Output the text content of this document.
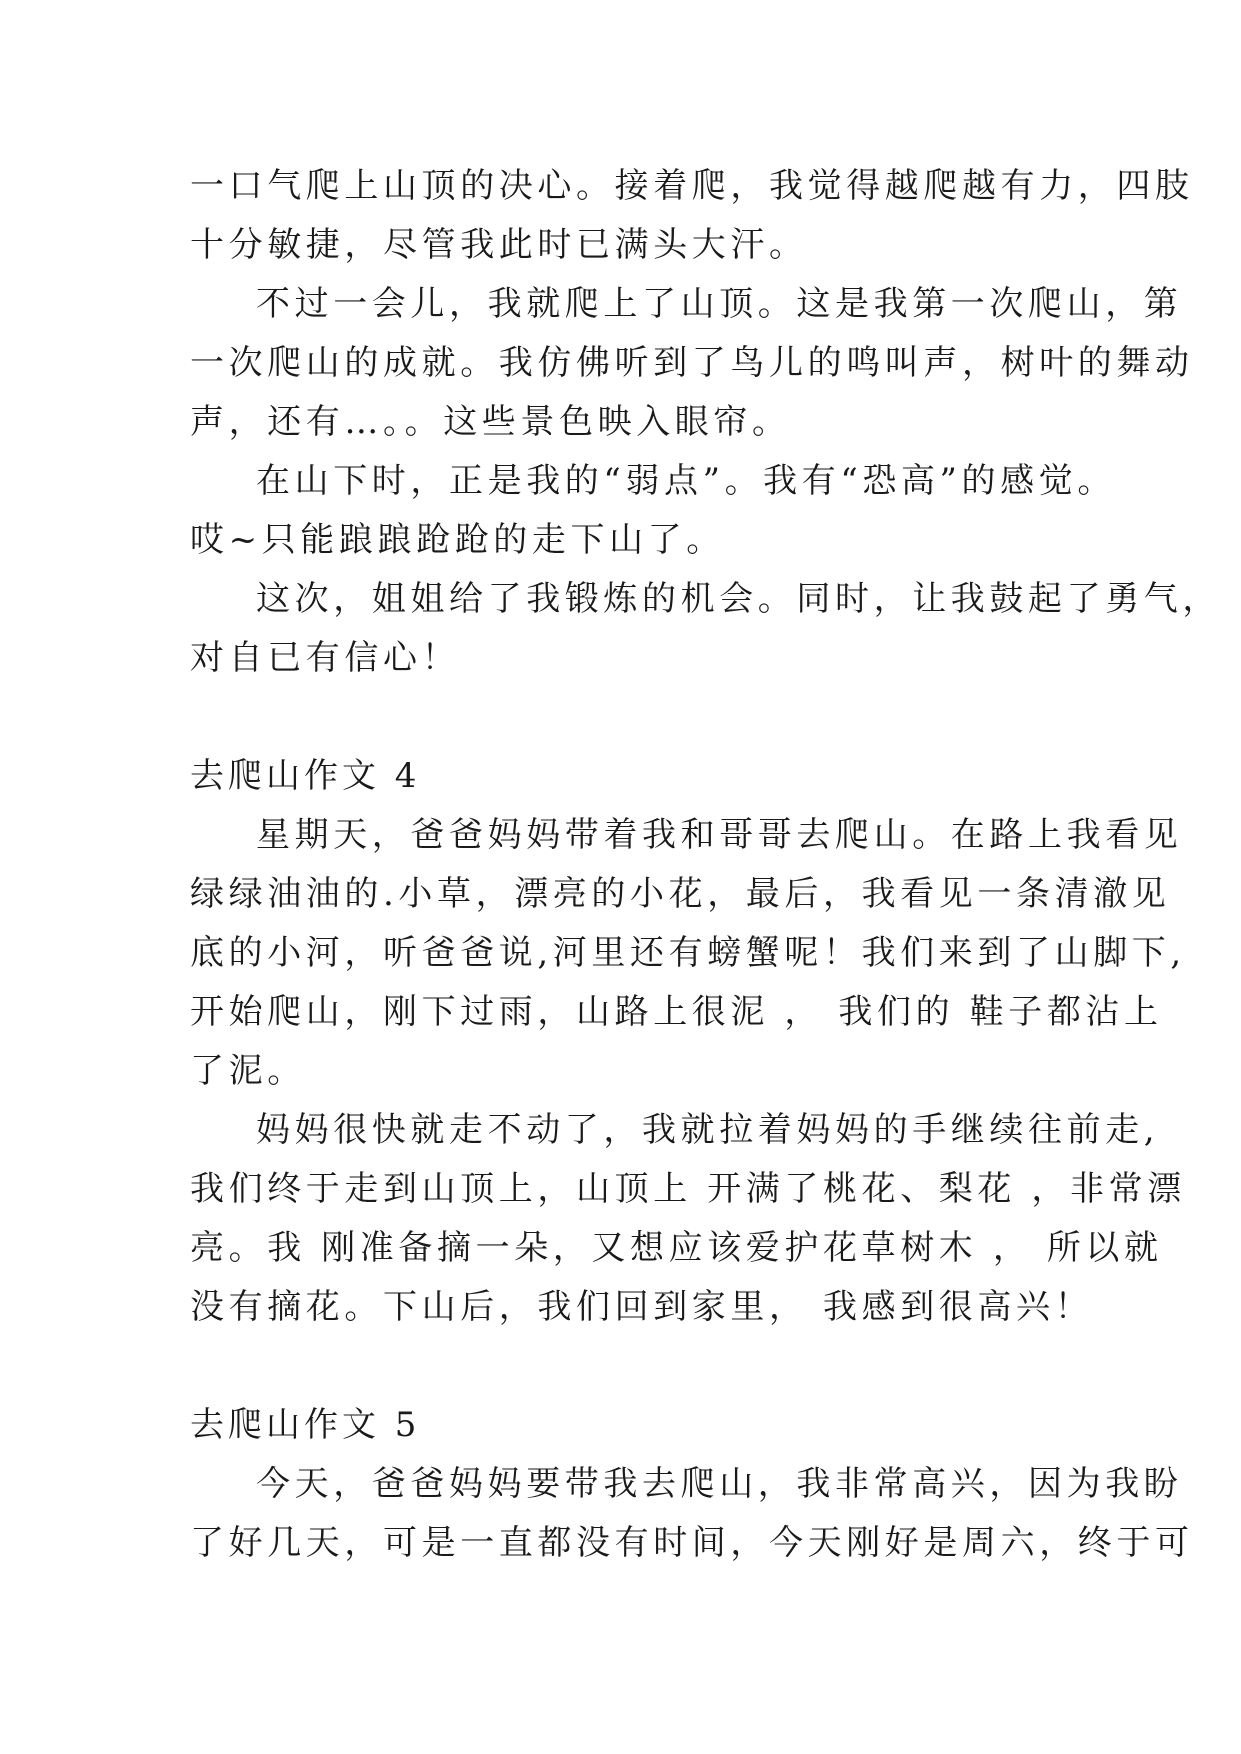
一口气爬上山顶的决心。接着爬，我觉得越爬越有力，四肢
十分敏捷，尽管我此时已满头大汗。
不过一会儿，我就爬上了山顶。这是我第一次爬山，第
一次爬山的成就。我仿佛听到了鸟儿的鸣叫声，树叶的舞动
声，还有…。。这些景色映入眼帘。
在山下时，正是我的“弱点”。我有“恐高”的感觉。
哎~只能踉踉跄跄的走下山了。
这次，姐姐给了我锻炼的机会。同时，让我鼓起了勇气，
对自已有信心！
去爬山作文 4
星期天，爸爸妈妈带着我和哥哥去爬山。在路上我看见
绿绿油油的.小草，漂亮的小花，最后，我看见一条清澈见
底的小河，听爸爸说,河里还有螃蟹呢！我们来到了山脚下,
开始爬山，刚下过雨，山路上很泥 ， 我们的 鞋子都沾上
了泥。
妈妈很快就走不动了，我就拉着妈妈的手继续往前走,
我们终于走到山顶上，山顶上 开满了桃花、梨花 ，非常漂
亮。我 刚准备摘一朵，又想应该爱护花草树木 ， 所以就
没有摘花。下山后，我们回到家里， 我感到很高兴！
去爬山作文 5
今天，爸爸妈妈要带我去爬山，我非常高兴，因为我盼
了好几天，可是一直都没有时间，今天刚好是周六，终于可
